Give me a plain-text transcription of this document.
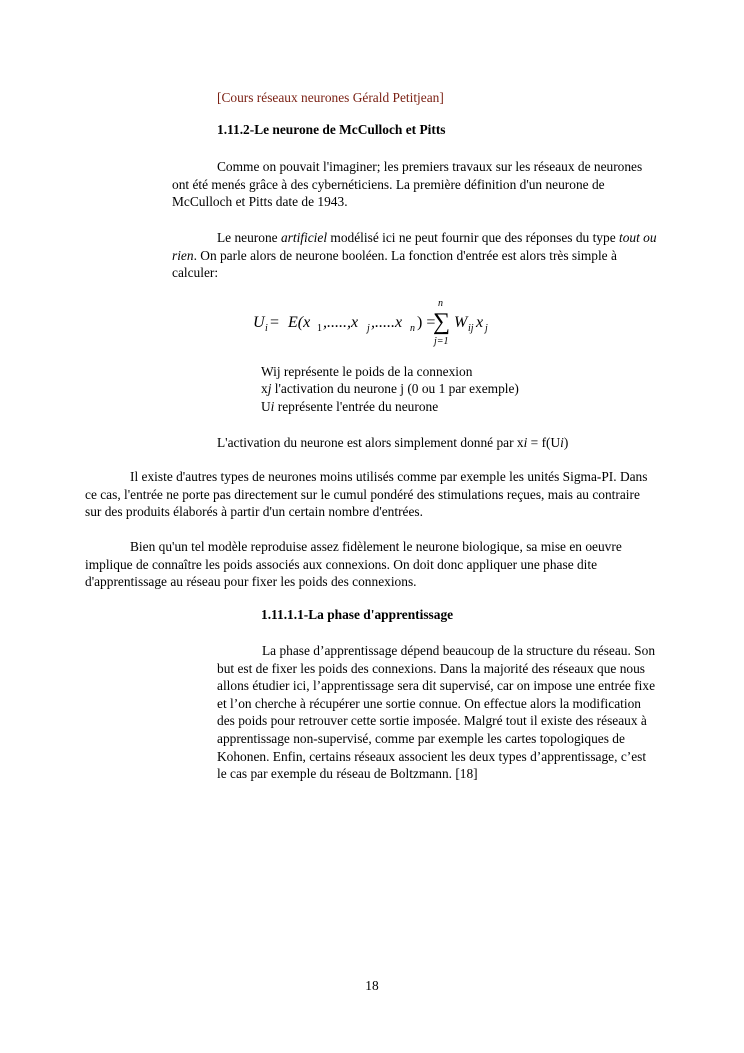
[Cours réseaux neurones Gérald Petitjean]

1.11.2-Le neurone de McCulloch et Pitts

Comme on pouvait l'imaginer; les premiers travaux sur les réseaux de neurones ont été menés grâce à des cybernéticiens. La première définition d'un neurone de McCulloch et Pitts date de 1943.

Le neurone artificiel modélisé ici ne peut fournir que des réponses du type tout ou rien. On parle alors de neurone booléen. La fonction d'entrée est alors très simple à calculer:

U i = E(x 1 ,.....,x j ,.....x n ) =
n
∑
j=1
W ij x j

Wij représente le poids de la connexion

xj l'activation du neurone j (0 ou 1 par exemple)

Ui représente l'entrée du neurone

L'activation du neurone est alors simplement donné par xi = f(Ui)

Il existe d'autres types de neurones moins utilisés comme par exemple les unités Sigma-PI. Dans ce cas, l'entrée ne porte pas directement sur le cumul pondéré des stimulations reçues, mais au contraire sur des produits élaborés à partir d'un certain nombre d'entrées.

Bien qu'un tel modèle reproduise assez fidèlement le neurone biologique, sa mise en oeuvre implique de connaître les poids associés aux connexions. On doit donc appliquer une phase dite d'apprentissage au réseau pour fixer les poids des connexions.

1.11.1.1-La phase d'apprentissage

La phase d’apprentissage dépend beaucoup de la structure du réseau. Son but est de fixer les poids des connexions. Dans la majorité des réseaux que nous allons étudier ici, l’apprentissage sera dit supervisé, car on impose une entrée fixe et l’on cherche à récupérer une sortie connue. On effectue alors la modification des poids pour retrouver cette sortie imposée. Malgré tout il existe des réseaux à apprentissage non-supervisé, comme par exemple les cartes topologiques de Kohonen. Enfin, certains réseaux associent les deux types d’apprentissage, c’est le cas par exemple du réseau de Boltzmann. [18]

18
